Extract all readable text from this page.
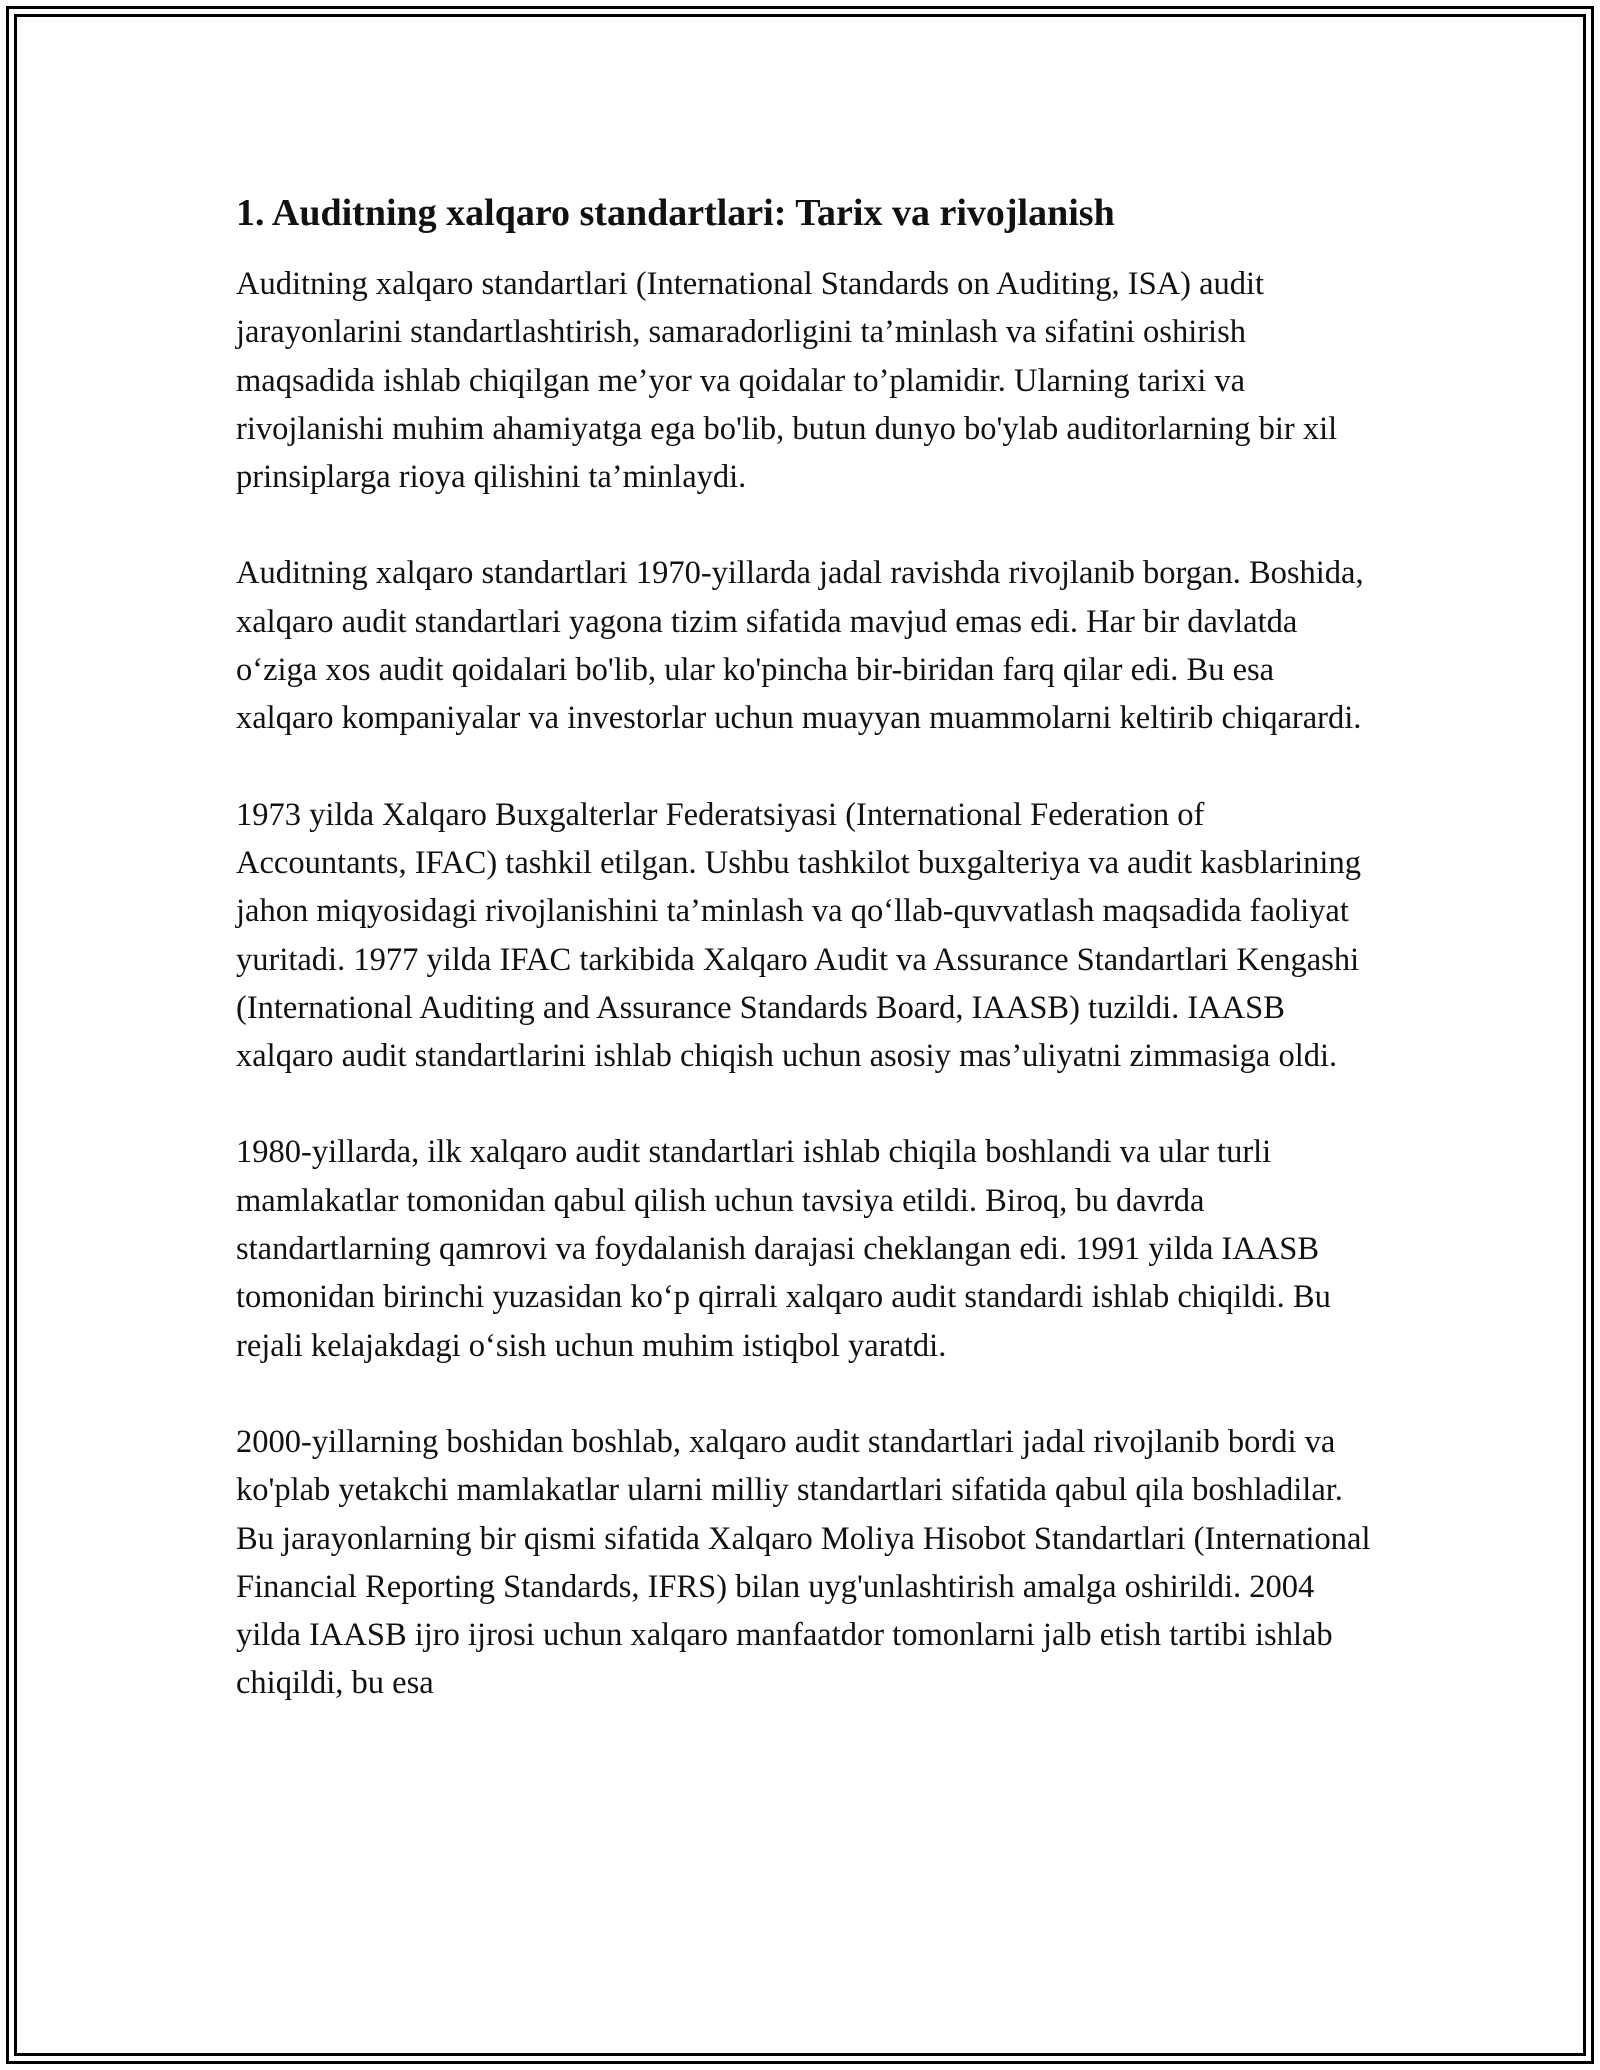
1. Auditning xalqaro standartlari: Tarix va rivojlanish

Auditning xalqaro standartlari (International Standards on Auditing, ISA) audit jarayonlarini standartlashtirish, samaradorligini ta’minlash va sifatini oshirish maqsadida ishlab chiqilgan me’yor va qoidalar to’plamidir. Ularning tarixi va rivojlanishi muhim ahamiyatga ega bo'lib, butun dunyo bo'ylab auditorlarning bir xil prinsiplarga rioya qilishini ta’minlaydi.

Auditning xalqaro standartlari 1970-yillarda jadal ravishda rivojlanib borgan. Boshida, xalqaro audit standartlari yagona tizim sifatida mavjud emas edi. Har bir davlatda o‘ziga xos audit qoidalari bo'lib, ular ko'pincha bir-biridan farq qilar edi. Bu esa xalqaro kompaniyalar va investorlar uchun muayyan muammolarni keltirib chiqarardi.

1973 yilda Xalqaro Buxgalterlar Federatsiyasi (International Federation of Accountants, IFAC) tashkil etilgan. Ushbu tashkilot buxgalteriya va audit kasblarining jahon miqyosidagi rivojlanishini ta’minlash va qo‘llab-quvvatlash maqsadida faoliyat yuritadi. 1977 yilda IFAC tarkibida Xalqaro Audit va Assurance Standartlari Kengashi (International Auditing and Assurance Standards Board, IAASB) tuzildi. IAASB xalqaro audit standartlarini ishlab chiqish uchun asosiy mas’uliyatni zimmasiga oldi.

1980-yillarda, ilk xalqaro audit standartlari ishlab chiqila boshlandi va ular turli mamlakatlar tomonidan qabul qilish uchun tavsiya etildi. Biroq, bu davrda standartlarning qamrovi va foydalanish darajasi cheklangan edi. 1991 yilda IAASB tomonidan birinchi yuzasidan ko‘p qirrali xalqaro audit standardi ishlab chiqildi. Bu rejali kelajakdagi o‘sish uchun muhim istiqbol yaratdi.

2000-yillarning boshidan boshlab, xalqaro audit standartlari jadal rivojlanib bordi va ko'plab yetakchi mamlakatlar ularni milliy standartlari sifatida qabul qila boshladilar. Bu jarayonlarning bir qismi sifatida Xalqaro Moliya Hisobot Standartlari (International Financial Reporting Standards, IFRS) bilan uyg'unlashtirish amalga oshirildi. 2004 yilda IAASB ijro ijrosi uchun xalqaro manfaatdor tomonlarni jalb etish tartibi ishlab chiqildi, bu esa
